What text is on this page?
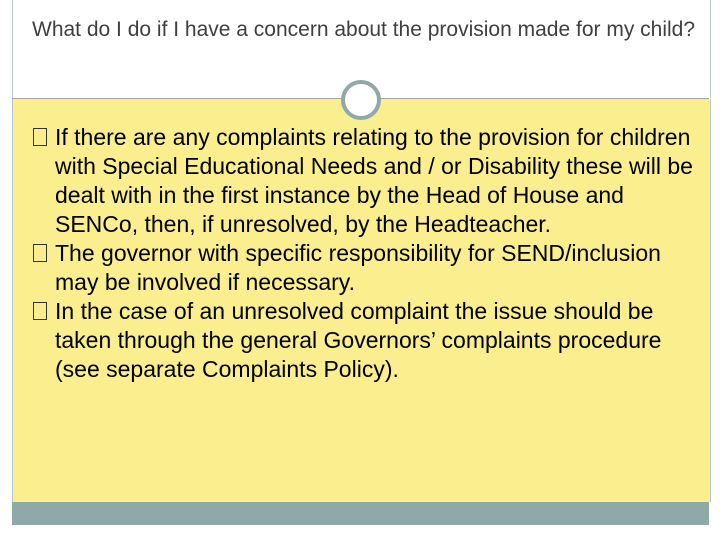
What do I do if I have a concern about the provision made for my child?
If there are any complaints relating to the provision for children with Special Educational Needs and / or Disability these will be dealt with in the first instance by the Head of House and SENCo, then, if unresolved, by the Headteacher.
The governor with specific responsibility for SEND/inclusion may be involved if necessary.
In the case of an unresolved complaint the issue should be taken through the general Governors’ complaints procedure (see separate Complaints Policy).
